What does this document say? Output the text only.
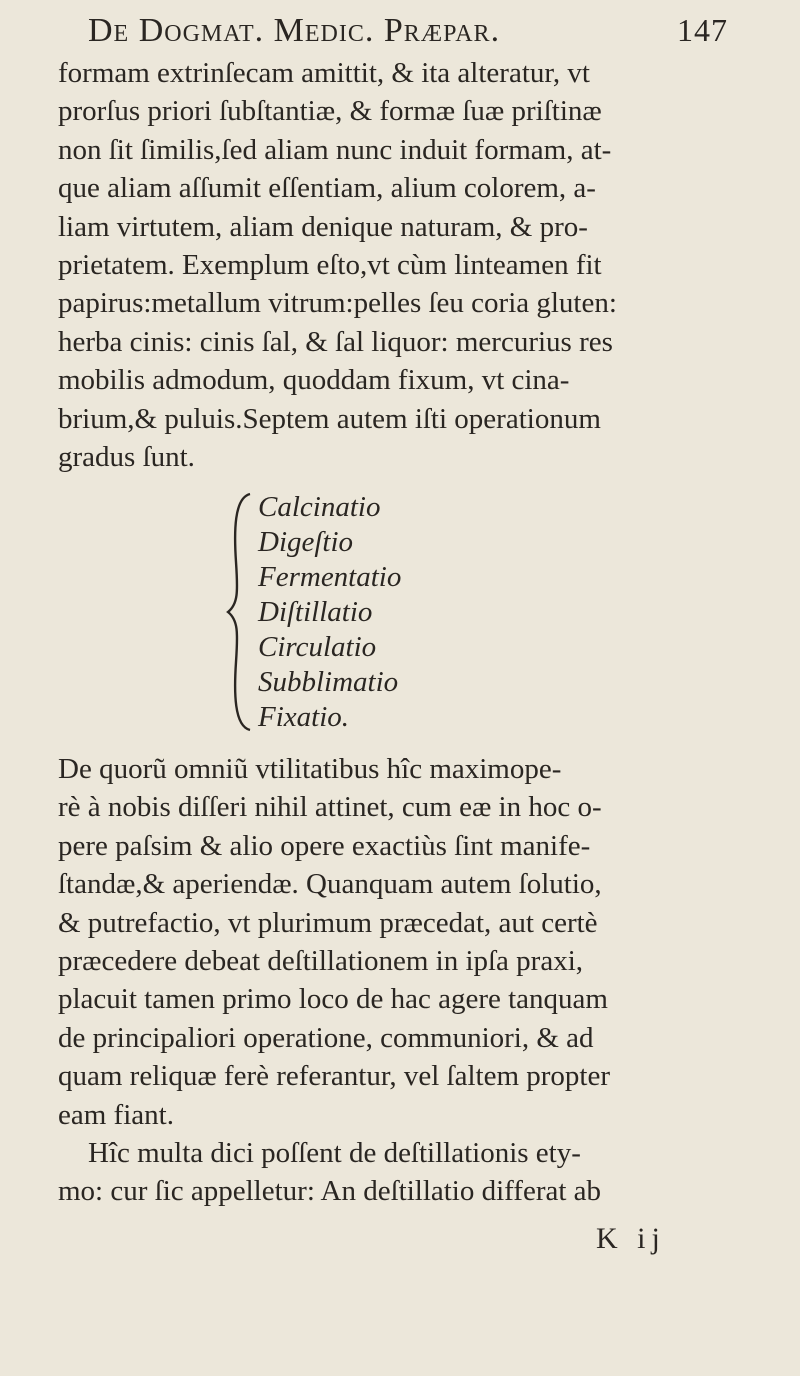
De Dogmat. Medic. Præpar.	147

formam extrinſecam amittit, & ita alteratur, vt
prorſus priori ſubſtantiæ, & formæ ſuæ priſtinæ
non ſit ſimilis,ſed aliam nunc induit formam, at-
que aliam aſſumit eſſentiam, alium colorem, a-
liam virtutem, aliam denique naturam, & pro-
prietatem. Exemplum eſto,vt cùm linteamen fit
papirus:metallum vitrum:pelles ſeu coria gluten:
herba cinis: cinis ſal, & ſal liquor: mercurius res
mobilis admodum, quoddam fixum, vt cina-
brium,& puluis.Septem autem iſti operationum
gradus ſunt.

Calcinatio
Digeſtio
Fermentatio
Diſtillatio
Circulatio
Subblimatio
Fixatio.

De quorũ omniũ vtilitatibus hîc maximope-
rè à nobis diſſeri nihil attinet, cum eæ in hoc o-
pere paſsim & alio opere exactiùs ſint manife-
ſtandæ,& aperiendæ. Quanquam autem ſolutio,
& putrefactio, vt plurimum præcedat, aut certè
præcedere debeat deſtillationem in ipſa praxi,
placuit tamen primo loco de hac agere tanquam
de principaliori operatione, communiori, & ad
quam reliquæ ferè referantur, vel ſaltem propter
eam fiant.

Hîc multa dici poſſent de deſtillationis ety-
mo: cur ſic appelletur: An deſtillatio differat ab

K ij
